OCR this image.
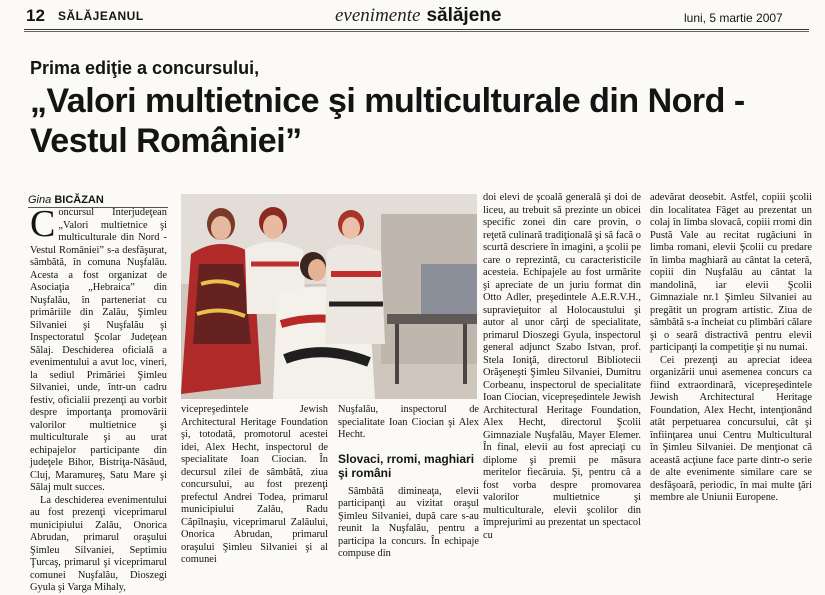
12 SĂLĂJEANUL	evenimente sălăjene	luni, 5 martie 2007
Prima ediţie a concursului,
„Valori multietnice şi multiculturale din Nord - Vestul României”
Gina BICĂZAN

Concursul Interjudeţean „Valori multietnice şi multiculturale din Nord - Vestul României” s-a desfăşurat, sâmbătă, în comuna Nuşfalău. Acesta a fost organizat de Asociaţia „Hebraica” din Nuşfalău, în parteneriat cu primăriile din Zalău, Şimleu Silvaniei şi Nuşfalău şi Inspectoratul Şcolar Judeţean Sălaj. Deschiderea oficială a evenimentului a avut loc, vineri, la sediul Primăriei Şimleu Silvaniei, unde, într-un cadru festiv, oficialii prezenţi au vorbit despre importanţa promovării valorilor multietnice şi multiculturale şi au urat echipajelor participante din judeţele Bihor, Bistriţa-Năsăud, Cluj, Maramureş, Satu Mare şi Sălaj mult succes.

La deschiderea evenimentului au fost prezenţi viceprimarul municipiului Zalău, Onorica Abrudan, primarul oraşului Şimleu Silvaniei, Septimiu Ţurcaş, primarul şi viceprimarul comunei Nuşfalău, Dioszegi Gyula şi Varga Mihaly,

vicepreşedintele Jewish Architectural Heritage Foundation şi, totodată, promotorul acestei idei, Alex Hecht, inspectorul de specialitate Ioan Ciocian. În decursul zilei de sâmbătă, ziua concursului, au fost prezenţi prefectul Andrei Todea, primarul municipiului Zalău, Radu Căpîlnaşiu, viceprimarul Zalăului, Onorica Abrudan, primarul oraşului Şimleu Silvaniei şi al comunei

Nuşfalău, inspectorul de specialitate Ioan Ciocian şi Alex Hecht.

Slovaci, rromi, maghiari şi români

Sâmbătă dimineaţa, elevii participanţi au vizitat oraşul Şimleu Silvaniei, după care s-au reunit la Nuşfalău, pentru a participa la concurs. În echipaje compuse din

doi elevi de şcoală generală şi doi de liceu, au trebuit să prezinte un obicei specific zonei din care provin, o reţetă culinară tradiţională şi să facă o scurtă descriere în imagini, a şcolii pe care o reprezintă, cu caracteristicile acesteia. Echipajele au fost urmărite şi apreciate de un juriu format din Otto Adler, preşedintele A.E.R.V.H., supravieţuitor al Holocaustului şi autor al unor cărţi de specialitate, primarul Dioszegi Gyula, inspectorul general adjunct Szabo Istvan, prof. Stela Ioniţă, directorul Bibliotecii Orăşeneşti Şimleu Silvaniei, Dumitru Corbeanu, inspectorul de specialitate Ioan Ciocian, vicepreşedintele Jewish Architectural Heritage Foundation, Alex Hecht, directorul Şcolii Gimnaziale Nuşfalău, Mayer Elemer. În final, elevii au fost apreciaţi cu diplome şi premii pe măsura meritelor fiecăruia. Şi, pentru că a fost vorba despre promovarea valorilor multietnice şi multiculturale, elevii şcolilor din împrejurimi au prezentat un spectacol cu

adevărat deosebit. Astfel, copiii şcolii din localitatea Fâget au prezentat un colaj în limba slovacă, copiii rromi din Pustă Vale au recitat rugăciuni în limba romani, elevii Şcolii cu predare în limba maghiară au cântat la ceteră, copiii din Nuşfalău au cântat la mandolină, iar elevii Şcolii Gimnaziale nr.1 Şimleu Silvaniei au pregătit un program artistic. Ziua de sâmbătă s-a încheiat cu plimbări călare şi o seară distractivă pentru elevii participanţi la competiţie şi nu numai.

Cei prezenţi au apreciat ideea organizării unui asemenea concurs ca fiind extraordinară, vicepreşedintele Jewish Architectural Heritage Foundation, Alex Hecht, intenţionând atât perpetuarea concursului, cât şi înfiinţarea unui Centru Multicultural în Şimleu Silvaniei. De menţionat că această acţiune face parte dintr-o serie de alte evenimente similare care se desfăşoară, periodic, în mai multe ţări membre ale Uniunii Europene.
